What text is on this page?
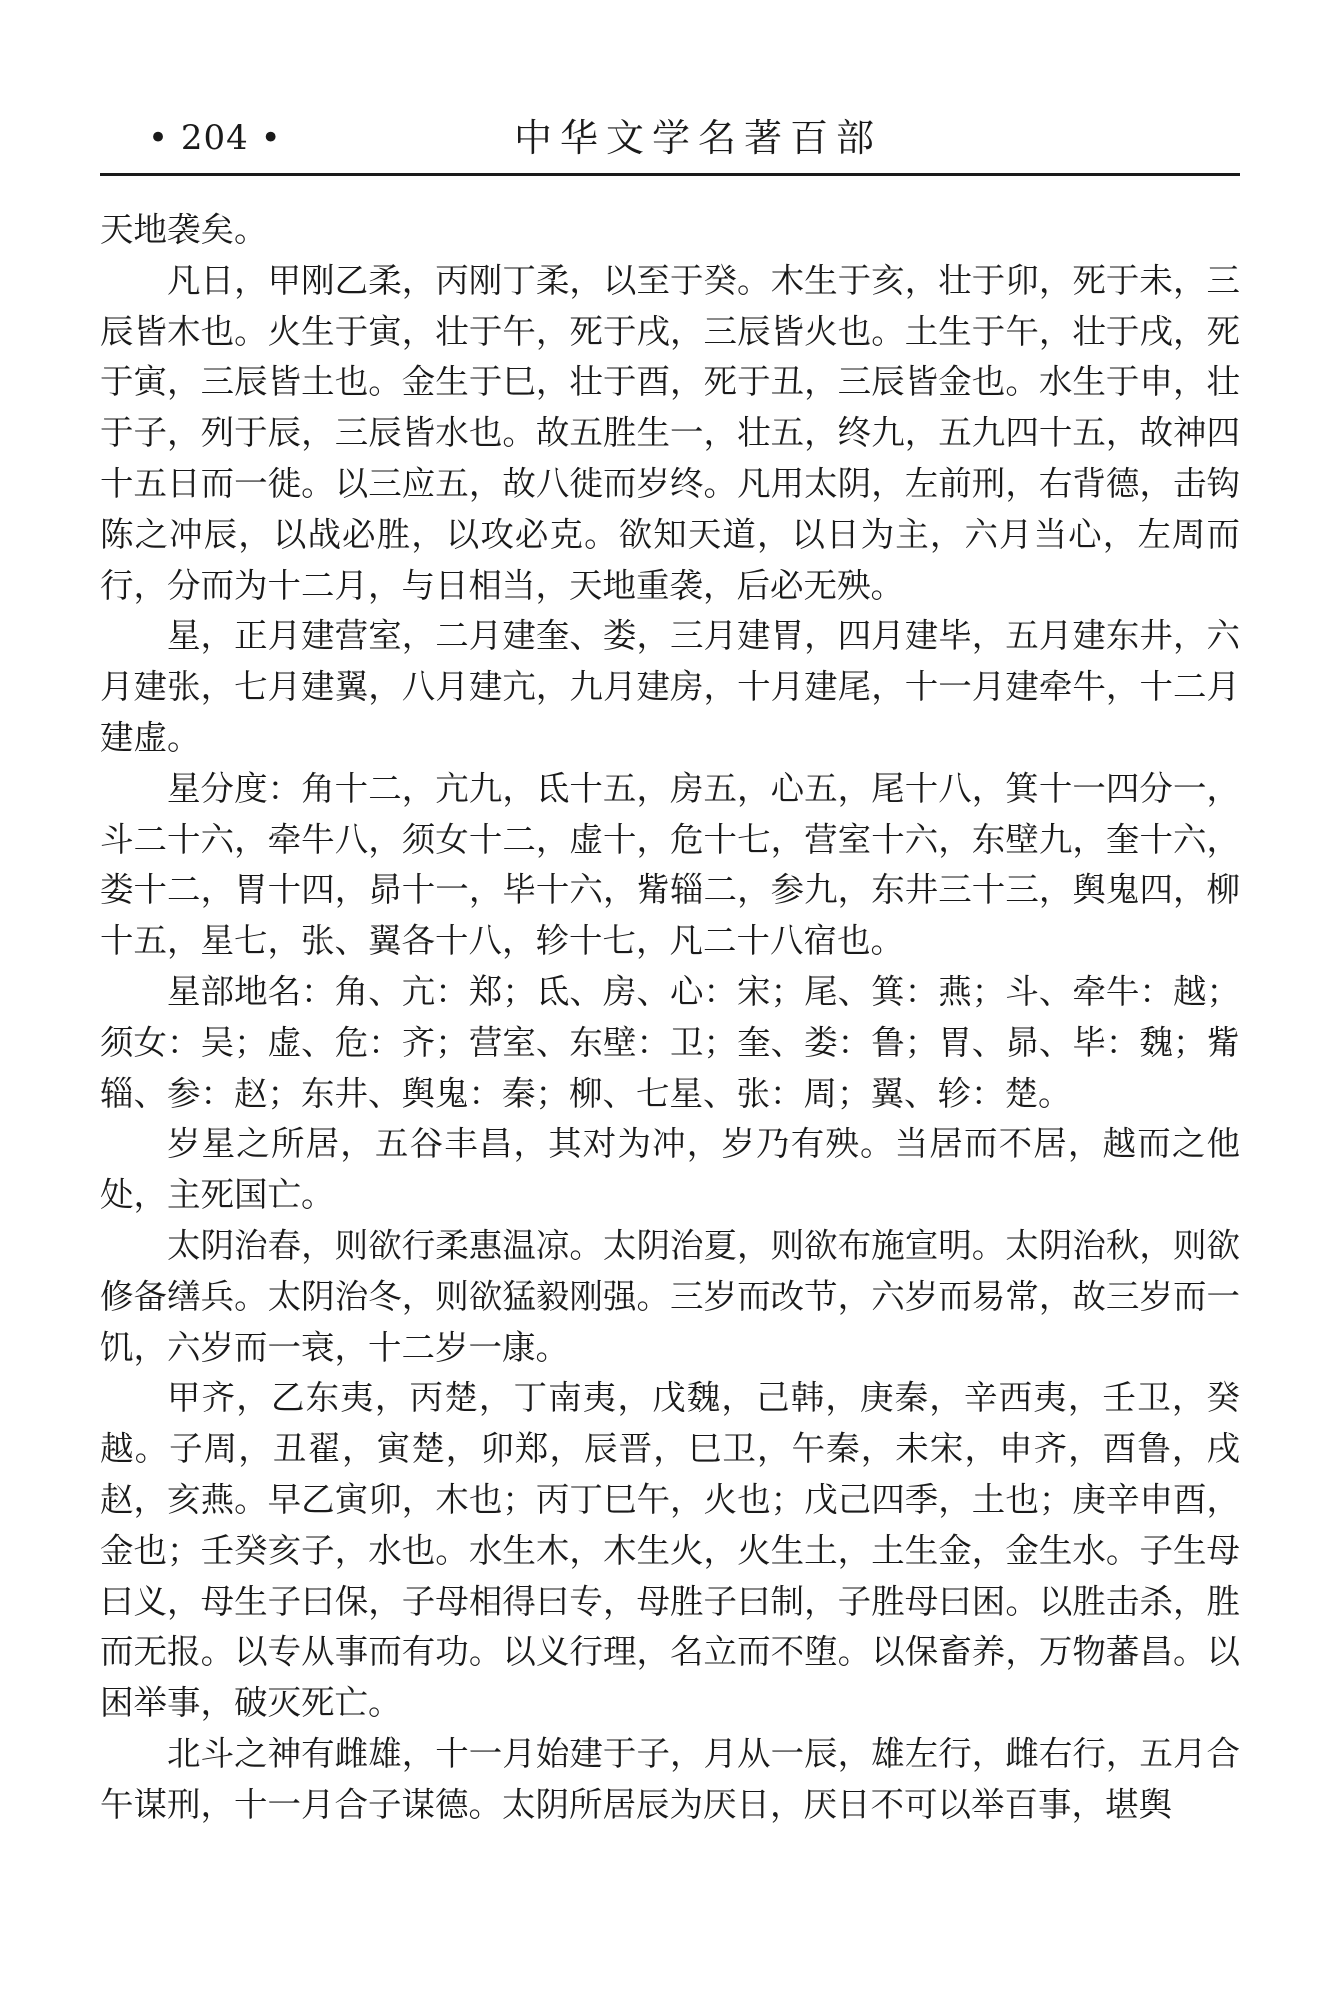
• 204 •	中华文学名著百部

天地袭矣。

凡日，甲刚乙柔，丙刚丁柔，以至于癸。木生于亥，壮于卯，死于未，三辰皆木也。火生于寅，壮于午，死于戌，三辰皆火也。土生于午，壮于戌，死于寅，三辰皆土也。金生于巳，壮于酉，死于丑，三辰皆金也。水生于申，壮于子，列于辰，三辰皆水也。故五胜生一，壮五，终九，五九四十五，故神四十五日而一徙。以三应五，故八徙而岁终。凡用太阴，左前刑，右背德，击钩陈之冲辰，以战必胜，以攻必克。欲知天道，以日为主，六月当心，左周而行，分而为十二月，与日相当，天地重袭，后必无殃。

星，正月建营室，二月建奎、娄，三月建胃，四月建毕，五月建东井，六月建张，七月建翼，八月建亢，九月建房，十月建尾，十一月建牵牛，十二月建虚。

星分度：角十二，亢九，氐十五，房五，心五，尾十八，箕十一四分一，斗二十六，牵牛八，须女十二，虚十，危十七，营室十六，东壁九，奎十六，娄十二，胃十四，昴十一，毕十六，觜辎二，参九，东井三十三，舆鬼四，柳十五，星七，张、翼各十八，轸十七，凡二十八宿也。

星部地名：角、亢：郑；氐、房、心：宋；尾、箕：燕；斗、牵牛：越；须女：吴；虚、危：齐；营室、东壁：卫；奎、娄：鲁；胃、昴、毕：魏；觜辎、参：赵；东井、舆鬼：秦；柳、七星、张：周；翼、轸：楚。

岁星之所居，五谷丰昌，其对为冲，岁乃有殃。当居而不居，越而之他处，主死国亡。

太阴治春，则欲行柔惠温凉。太阴治夏，则欲布施宣明。太阴治秋，则欲修备缮兵。太阴治冬，则欲猛毅刚强。三岁而改节，六岁而易常，故三岁而一饥，六岁而一衰，十二岁一康。

甲齐，乙东夷，丙楚，丁南夷，戊魏，己韩，庚秦，辛西夷，壬卫，癸越。子周，丑翟，寅楚，卯郑，辰晋，巳卫，午秦，未宋，申齐，酉鲁，戌赵，亥燕。早乙寅卯，木也；丙丁巳午，火也；戊己四季，土也；庚辛申酉，金也；壬癸亥子，水也。水生木，木生火，火生土，土生金，金生水。子生母曰义，母生子曰保，子母相得曰专，母胜子曰制，子胜母曰困。以胜击杀，胜而无报。以专从事而有功。以义行理，名立而不堕。以保畜养，万物蕃昌。以困举事，破灭死亡。

北斗之神有雌雄，十一月始建于子，月从一辰，雄左行，雌右行，五月合午谋刑，十一月合子谋德。太阴所居辰为厌日，厌日不可以举百事，堪舆
